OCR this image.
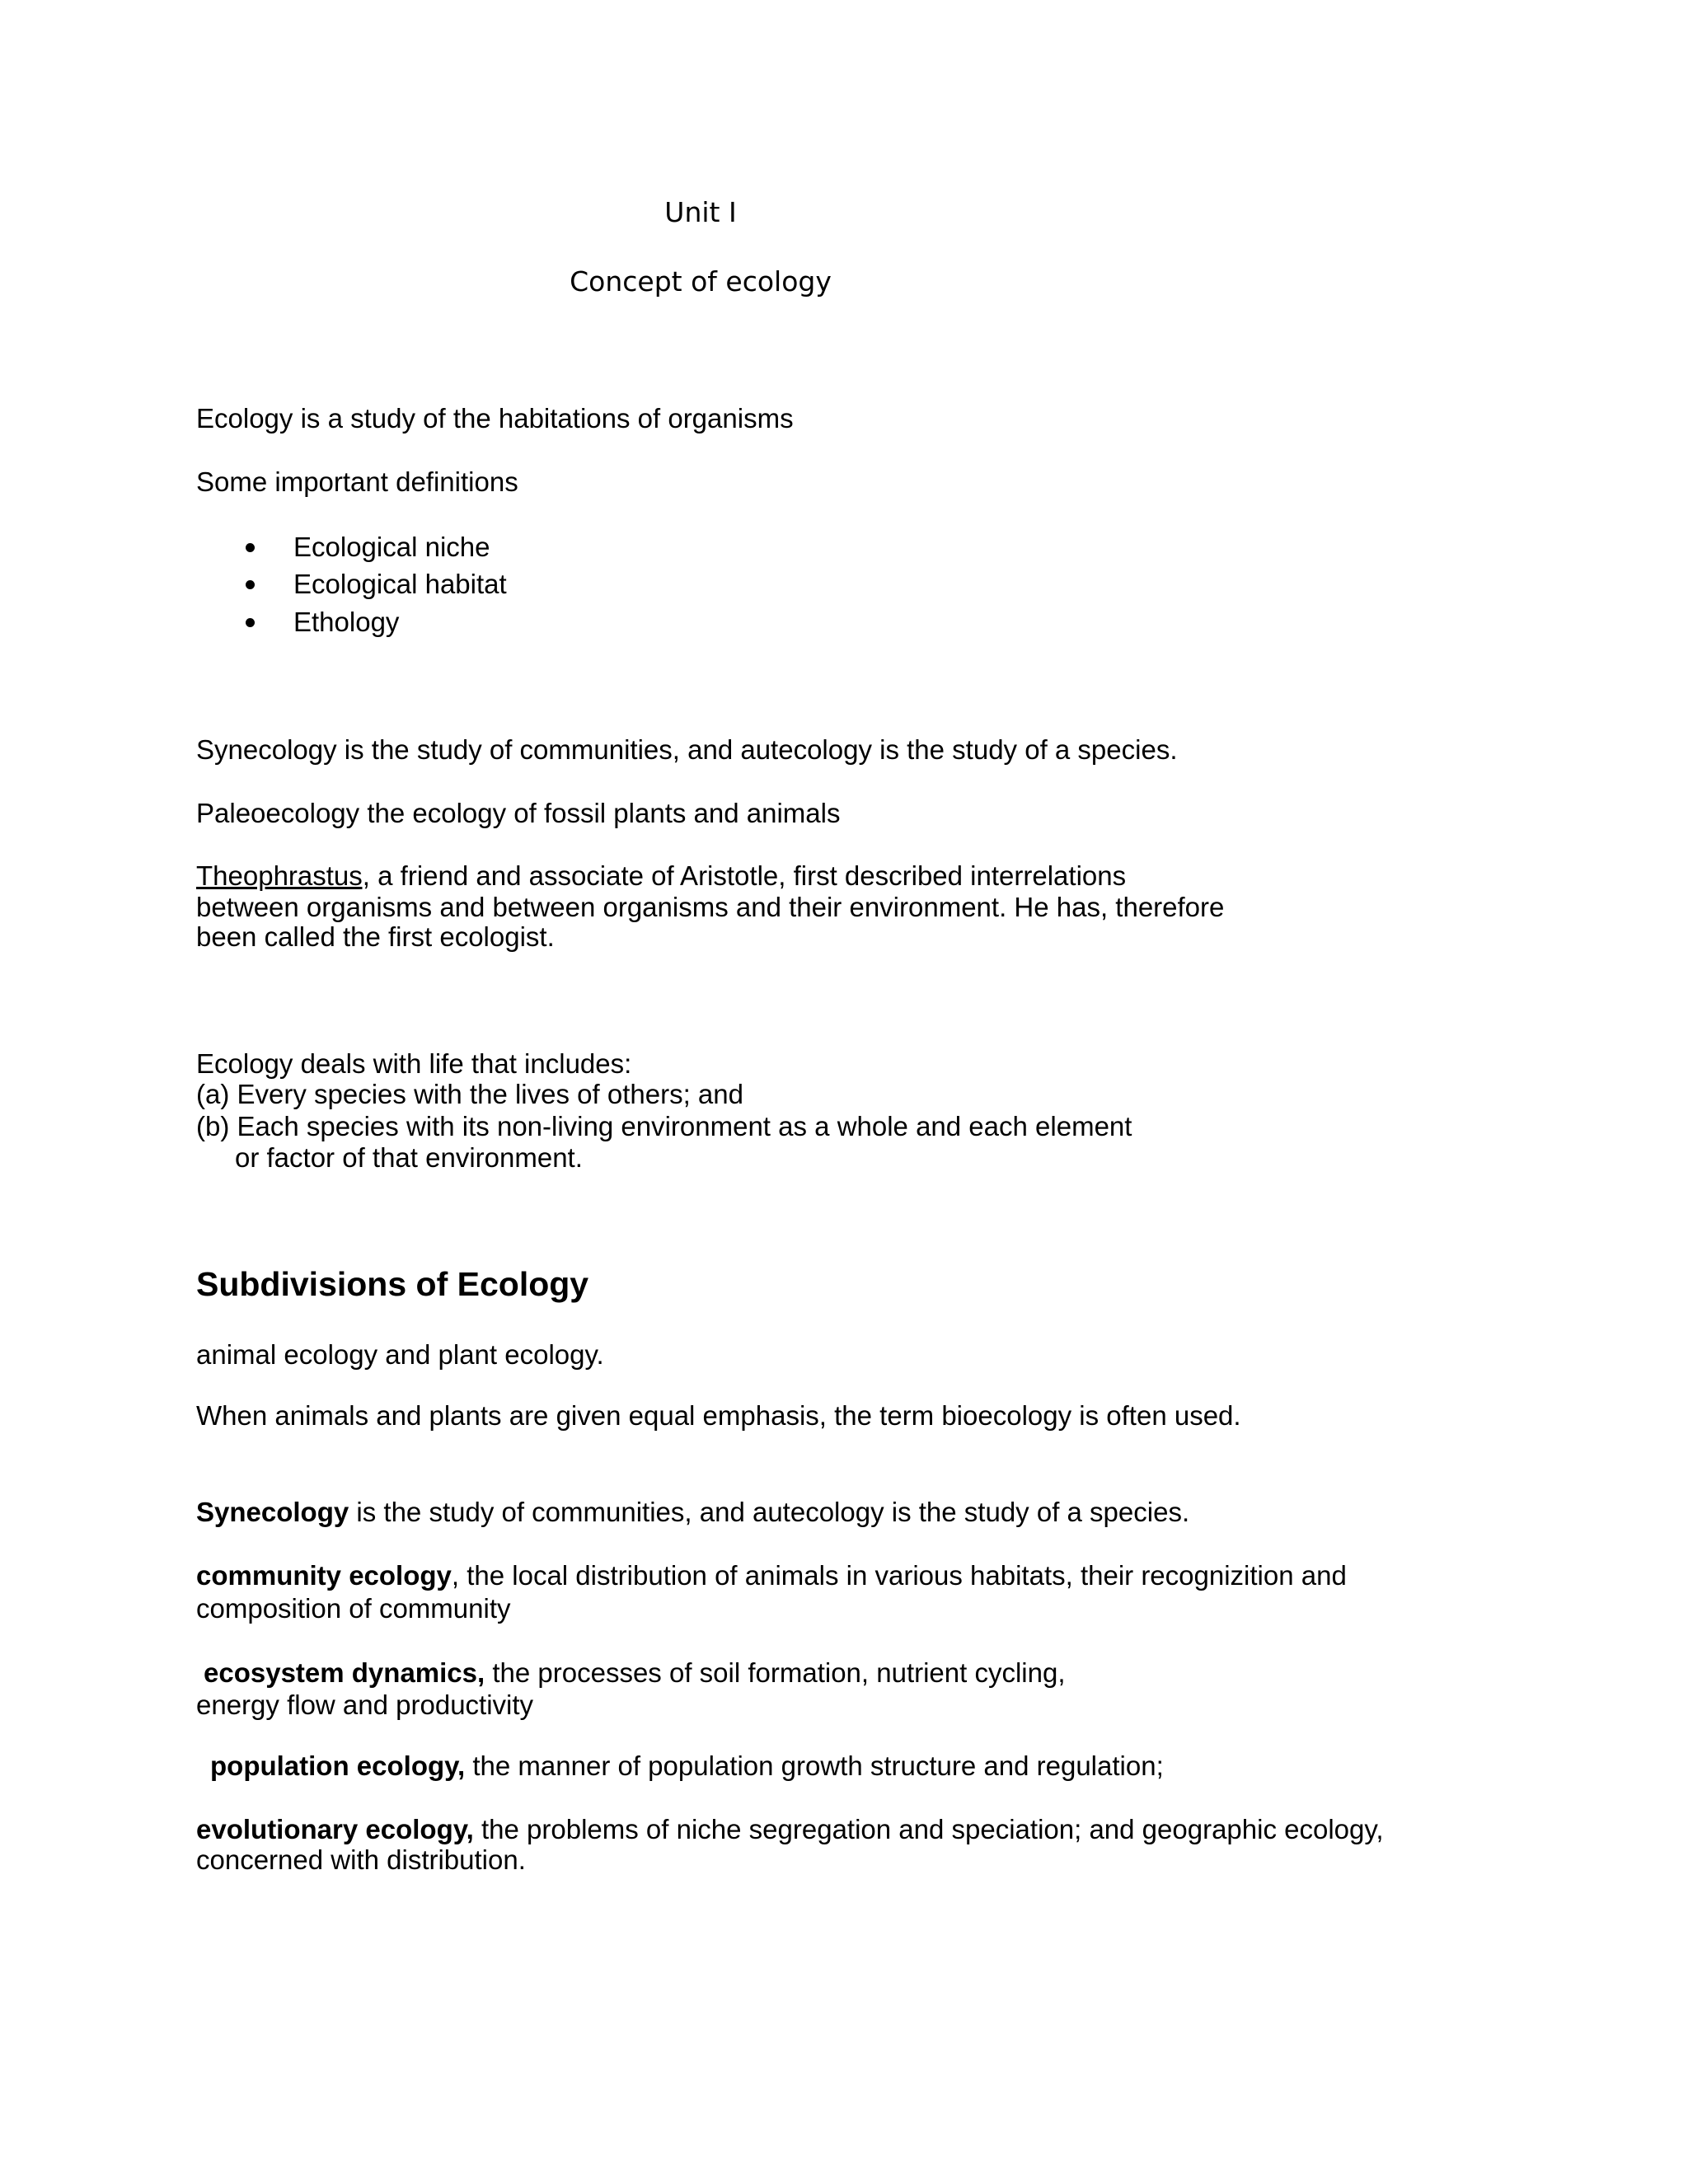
Unit I
Concept of ecology
Ecology is a study of the habitations of organisms
Some important definitions
Ecological niche
Ecological habitat
Ethology
Synecology is the study of communities, and autecology is the study of a species.
Paleoecology the ecology of fossil plants and animals
Theophrastus, a friend and associate of Aristotle, first described interrelations
between organisms and between organisms and their environment. He has, therefore
been called the first ecologist.
Ecology deals with life that includes:
(a) Every species with the lives of others; and
(b) Each species with its non-living environment as a whole and each element
or factor of that environment.
Subdivisions of Ecology
animal ecology and plant ecology.
When animals and plants are given equal emphasis, the term bioecology is often used.
Synecology is the study of communities, and autecology is the study of a species.
community ecology, the local distribution of animals in various habitats, their recognizition and
composition of community
ecosystem dynamics, the processes of soil formation, nutrient cycling,
energy flow and productivity
population ecology, the manner of population growth structure and regulation;
evolutionary ecology, the problems of niche segregation and speciation; and geographic ecology,
concerned with distribution.
